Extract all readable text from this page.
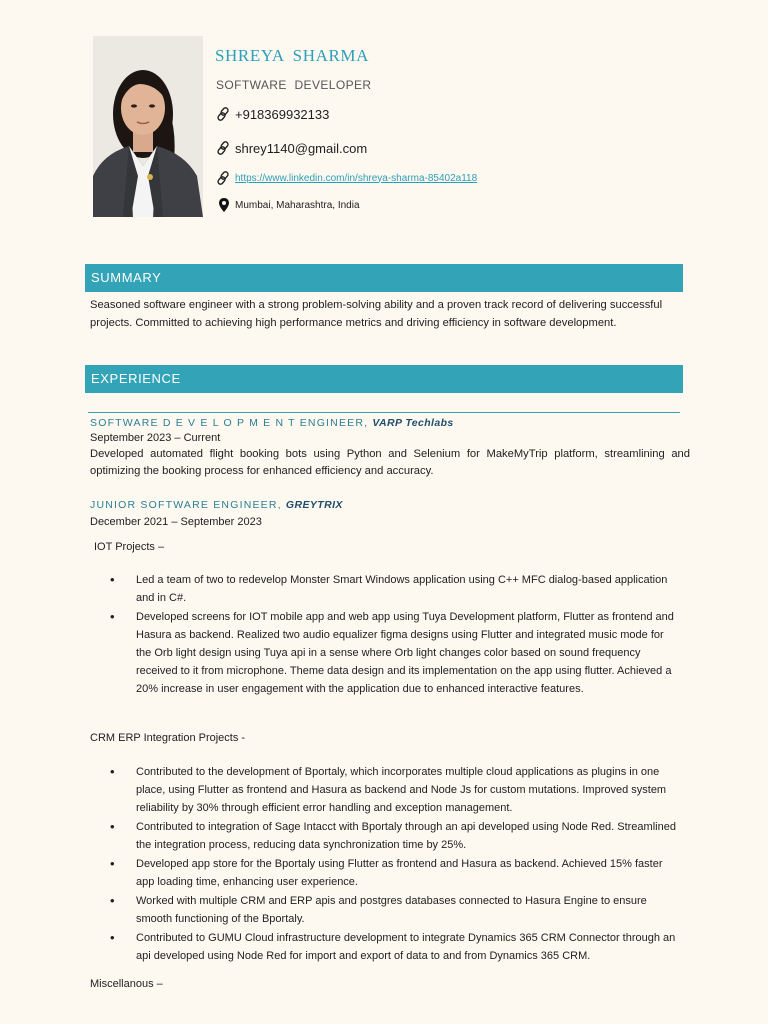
SHREYA SHARMA
SOFTWARE DEVELOPER
+918369932133
shrey1140@gmail.com
https://www.linkedin.com/in/shreya-sharma-85402a118
Mumbai, Maharashtra, India
SUMMARY
Seasoned software engineer with a strong problem-solving ability and a proven track record of delivering successful projects. Committed to achieving high performance metrics and driving efficiency in software development.
EXPERIENCE
SOFTWARE D E V E L O P M E N T ENGINEER, VARP Techlabs
September 2023 – Current
Developed automated flight booking bots using Python and Selenium for MakeMyTrip platform, streamlining and optimizing the booking process for enhanced efficiency and accuracy.
JUNIOR SOFTWARE ENGINEER, GREYTRIX
December 2021 – September 2023
IOT Projects –
• Led a team of two to redevelop Monster Smart Windows application using C++ MFC dialog-based application and in C#.
• Developed screens for IOT mobile app and web app using Tuya Development platform, Flutter as frontend and Hasura as backend. Realized two audio equalizer figma designs using Flutter and integrated music mode for the Orb light design using Tuya api in a sense where Orb light changes color based on sound frequency received to it from microphone. Theme data design and its implementation on the app using flutter. Achieved a 20% increase in user engagement with the application due to enhanced interactive features.
CRM ERP Integration Projects -
• Contributed to the development of Bportaly, which incorporates multiple cloud applications as plugins in one place, using Flutter as frontend and Hasura as backend and Node Js for custom mutations. Improved system reliability by 30% through efficient error handling and exception management.
• Contributed to integration of Sage Intacct with Bportaly through an api developed using Node Red. Streamlined the integration process, reducing data synchronization time by 25%.
• Developed app store for the Bportaly using Flutter as frontend and Hasura as backend. Achieved 15% faster app loading time, enhancing user experience.
• Worked with multiple CRM and ERP apis and postgres databases connected to Hasura Engine to ensure smooth functioning of the Bportaly.
• Contributed to GUMU Cloud infrastructure development to integrate Dynamics 365 CRM Connector through an api developed using Node Red for import and export of data to and from Dynamics 365 CRM.
Miscellanous –
